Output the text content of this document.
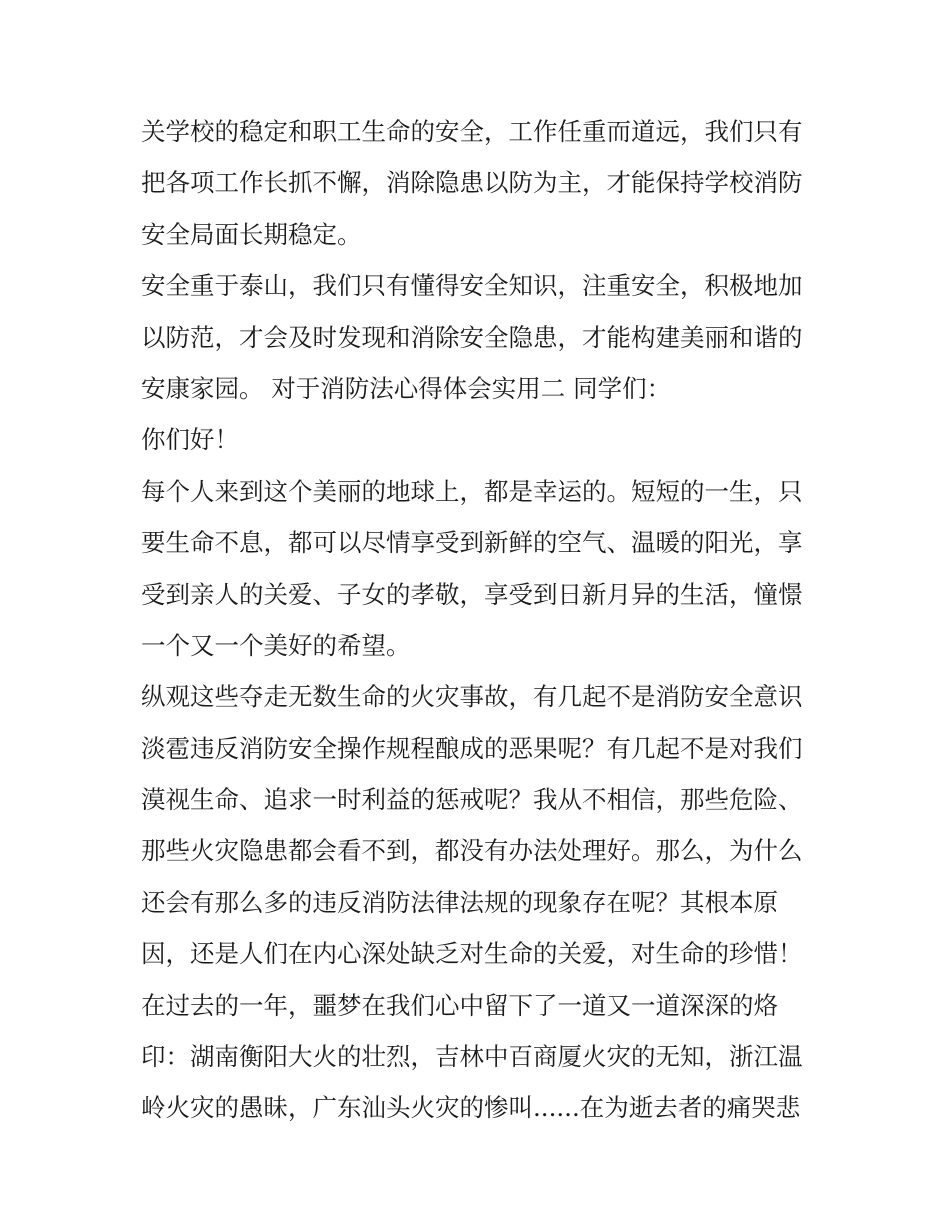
关学校的稳定和职工生命的安全，工作任重而道远，我们只有
把各项工作长抓不懈，消除隐患以防为主，才能保持学校消防
安全局面长期稳定。
安全重于泰山，我们只有懂得安全知识，注重安全，积极地加
以防范，才会及时发现和消除安全隐患，才能构建美丽和谐的
安康家园。 对于消防法心得体会实用二 同学们：
你们好！
每个人来到这个美丽的地球上，都是幸运的。短短的一生，只
要生命不息，都可以尽情享受到新鲜的空气、温暖的阳光，享
受到亲人的关爱、子女的孝敬，享受到日新月异的生活，憧憬
一个又一个美好的希望。
纵观这些夺走无数生命的火灾事故，有几起不是消防安全意识
淡雹违反消防安全操作规程酿成的恶果呢？有几起不是对我们
漠视生命、追求一时利益的惩戒呢？我从不相信，那些危险、
那些火灾隐患都会看不到，都没有办法处理好。那么，为什么
还会有那么多的违反消防法律法规的现象存在呢？其根本原
因，还是人们在内心深处缺乏对生命的关爱，对生命的珍惜！
在过去的一年，噩梦在我们心中留下了一道又一道深深的烙
印：湖南衡阳大火的壮烈，吉林中百商厦火灾的无知，浙江温
岭火灾的愚昧，广东汕头火灾的惨叫......在为逝去者的痛哭悲
